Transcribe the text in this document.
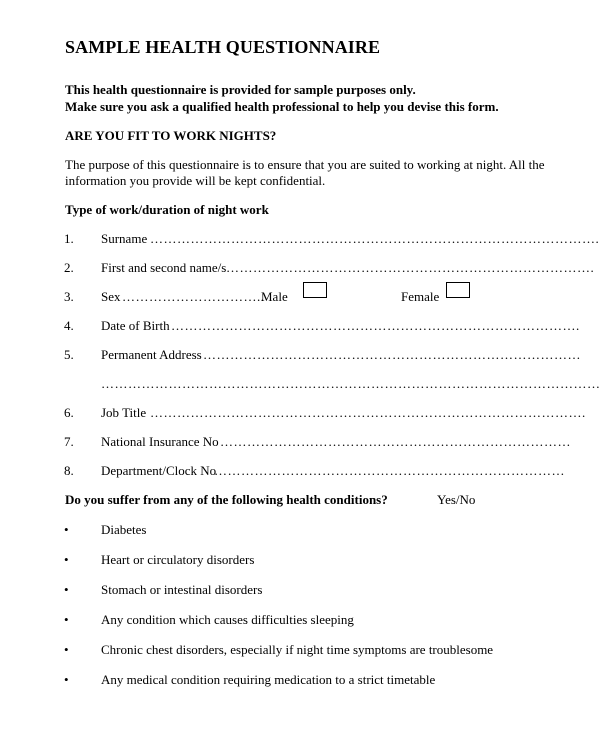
SAMPLE HEALTH QUESTIONNAIRE
This health questionnaire is provided for sample purposes only.
Make sure you ask a qualified health professional to help you devise this form.
ARE YOU FIT TO WORK NIGHTS?
The purpose of this questionnaire is to ensure that you are suited to working at night. All the
information you provide will be kept confidential.
Type of work/duration of night work
1. Surname ……………………………………………………………………………………….
2. First and second name/s ……………………………………………………………………….
3. Sex …………………………..
Male	Female
4. Date of Birth ……………………………………………………………………………….
5. Permanent Address …………………………………………………………………………
…………………………………………………………………………………………………
6. Job Title …………………………………………………………………………………….
7. National Insurance No ……………………………………………………………………
8. Department/Clock No
……………………………………………………………………
Do you suffer from any of the following health conditions?	Yes/No
• Diabetes
• Heart or circulatory disorders
• Stomach or intestinal disorders
• Any condition which causes difficulties sleeping
• Chronic chest disorders, especially if night time symptoms are troublesome
• Any medical condition requiring medication to a strict timetable
